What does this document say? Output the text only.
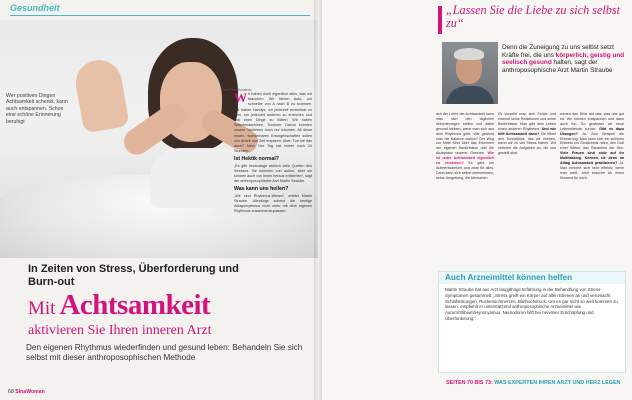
Gesundheit
Wer positiven Dingen Achtsamkeit schenkt, kann auch entspannen. Schon eine schöne Erinnerung beruhigt
Text: Peter Kanzlerin
W ir haben doch eigentlich alles, was wir brauchen. Wir fahren Auto, um schneller von A nach B zu kommen. Wir haben Handys, um jederzeit erreichbar zu sein, um jederzeit anderen zu erreichen und mal eben Dinge zu klären. Wir haben Waschmaschinen, Trockner. Davon konnten unsere Vorfahren doch nur träumen. All diese neuen, wunderbaren Errungenschaften sollen uns Arbeit und Zeit ersparen. Aber: Tun sie das auch? Nein. Der Tag hat immer noch 24 Stunden.
Ist Hektik normal?
„Es gibt heutzutage wirklich viele Quellen des Stresses. Sie kommen von außen, aber sie können auch von innen heraus entstehen“, sagt der anthroposophische Arzt Martin Straube.
Was kann uns heilen?
„Wir sind Rhythmus-Wesen“, erklärt Martin Straube. Allerdings scheint die heutige Alltagsrhythmus nicht mehr mit dem eigenen Rhythmus zusammenzupassen.
In Zeiten von Stress, Überforderung und Burn-out
Mit Achtsamkeit
aktivieren Sie Ihren inneren Arzt
Den eigenen Rhythmus wiederfinden und gesund leben: Behandeln Sie sich selbst mit dieser anthroposophischen Methode
68 SinaWoman
„Lassen Sie die Liebe zu sich selbst zu“
Denn die Zuneigung zu uns selbst setzt Kräfte frei, die uns körperlich, geistig und seelisch gesund halten, sagt der anthroposophische Arzt Martin Straube
ach der Lehre der Achtsamkeit kann man sich den täglichen Anforderungen stellen und dabei gesund bleiben, wenn man sich aus dem Rhythmus geht. Wie gewinnt man die Balance zurück? Der Weg zur Mitte führt über das Erkennen der eigenen Bedürfnisse und die Akzeptanz unserer Grenzen. Wie ist unter Achtsamkeit eigentlich zu verstehen? Es geht um Aufmerksamkeit, und zwar für alles. Dann kann sich selbst wahrnehmen, seine Umgebung, die Menschen.
Es verzeiht man sich Fehler und erkennt seine Reaktionen und seine Bedürfnisse. Man gibt dem Leben einen anderen Rhythmus. Und wie hilft Achtsamkeit dann? Sie öffnet den Tunnelblick, das wir erleben, wenn wir zu viel Stress haben. Wir nehmen die Aufgaben an, die uns gestellt sind.
werten den Blick auf das, was uns gut tut. Wir können entspannen und dann auch tun. So gewinnen wir neue Lebensfreude zurück. Gibt es dazu Übungen? Ja. Zum Beispiel die Erinnerung: Man kann sich ein schönes Erlebnis ins Gedächtnis rufen, den Duft einer Wiese, das Rauschen der See. Viele Frauen sind stolz auf ihr Multitasking. Können sie denn im Alltag Achtsamkeit praktizieren? Ja. Man erinnert sich sehr effektiv, wenn man weiß: Jetzt brauche ich einen Moment für mich.
Auch Arzneimittel können helfen
Martin Straube hat aus Arzt langjährige Erfahrung in der Behandlung von Stress-Symptomen gesammelt: „Stress greift ein Körper auf allen Ebenen an und verursacht Schlafstörungen, Rückenschmerzen, Bluthochdruck. Um es gar nicht so weit kommen zu lassen, empfiehlt er unterstützend anthroposophische Arzneimittel wie Aurum/Stibium/Hyoscyamus. Neurodoron hilft bei nervöser Erschöpfung und Überforderung.“
SEITEN 70 BIS 73: WAS EXPERTEN IHREN ARZT UND HERZ LEGEN
